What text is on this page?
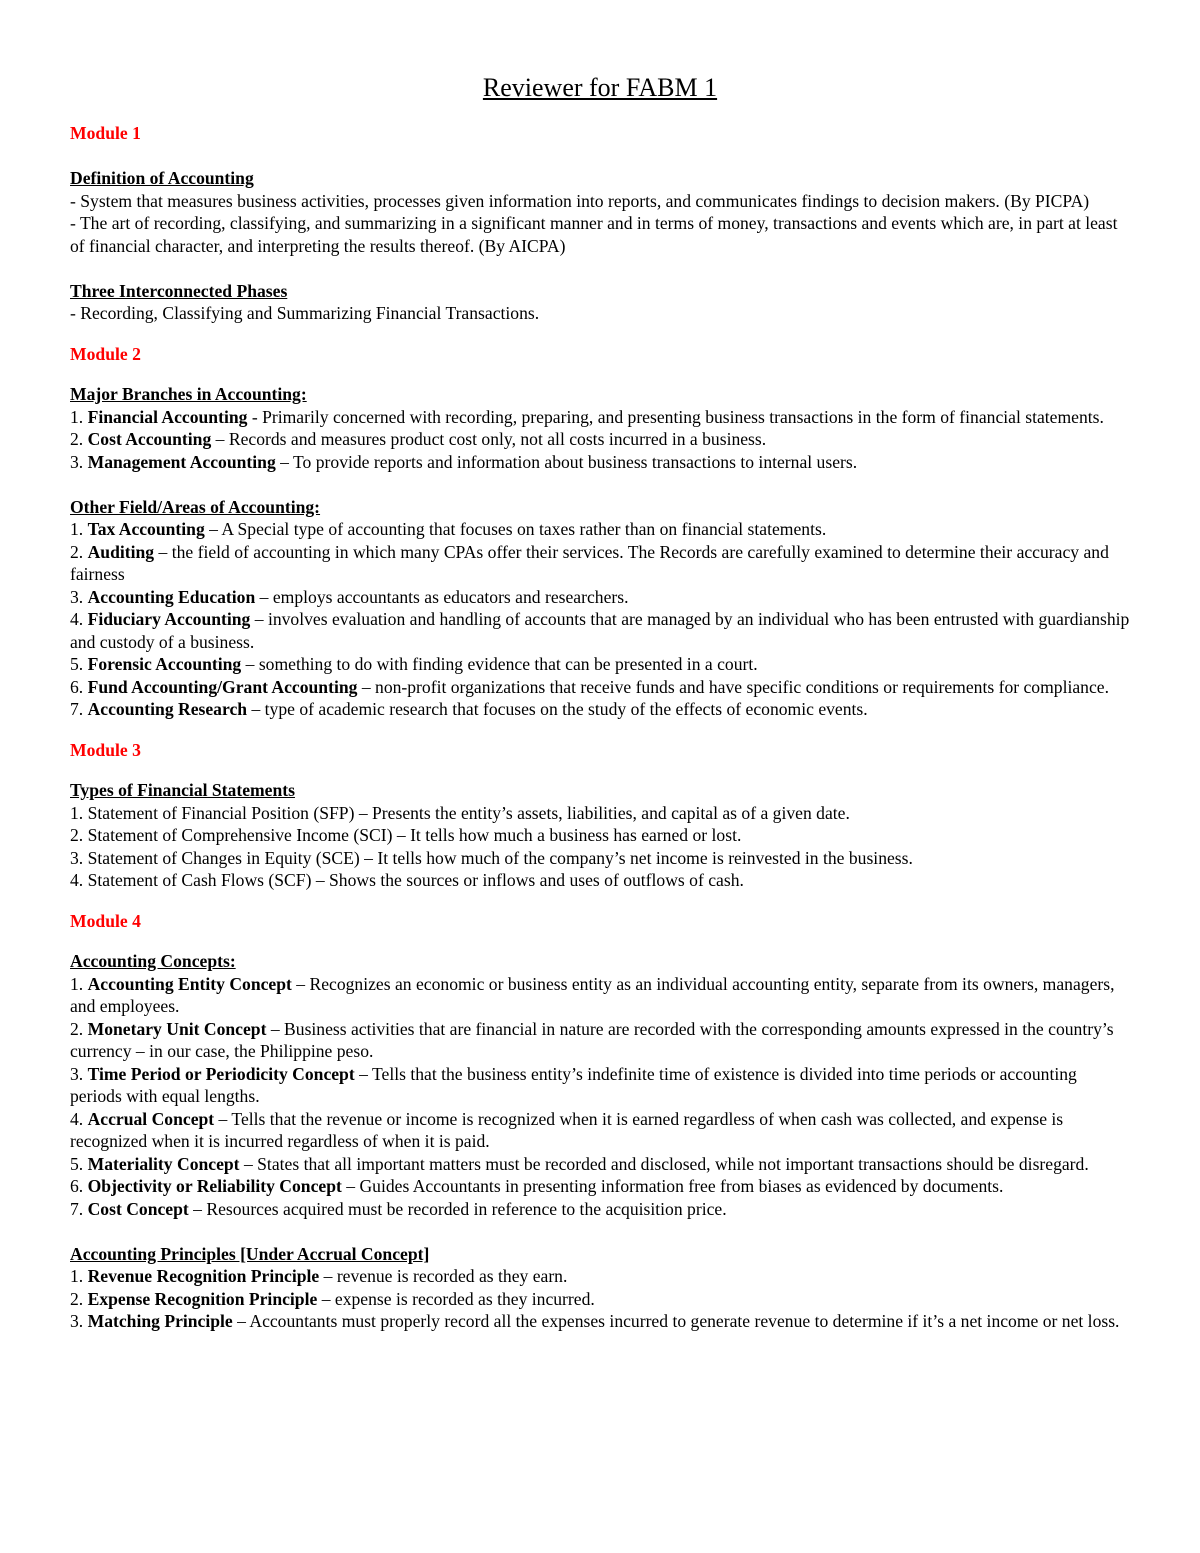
Reviewer for FABM 1

Module 1

Definition of Accounting

- System that measures business activities, processes given information into reports, and communicates findings to decision makers. (By PICPA)

- The art of recording, classifying, and summarizing in a significant manner and in terms of money, transactions and events which are, in part at least of financial character, and interpreting the results thereof. (By AICPA)

Three Interconnected Phases

- Recording, Classifying and Summarizing Financial Transactions.

Module 2

Major Branches in Accounting:

1. Financial Accounting - Primarily concerned with recording, preparing, and presenting business transactions in the form of financial statements.
2. Cost Accounting – Records and measures product cost only, not all costs incurred in a business.
3. Management Accounting – To provide reports and information about business transactions to internal users.

Other Field/Areas of Accounting:

1. Tax Accounting – A Special type of accounting that focuses on taxes rather than on financial statements.
2. Auditing – the field of accounting in which many CPAs offer their services. The Records are carefully examined to determine their accuracy and fairness
3. Accounting Education – employs accountants as educators and researchers.
4. Fiduciary Accounting – involves evaluation and handling of accounts that are managed by an individual who has been entrusted with guardianship and custody of a business.
5. Forensic Accounting – something to do with finding evidence that can be presented in a court.
6. Fund Accounting/Grant Accounting – non-profit organizations that receive funds and have specific conditions or requirements for compliance.
7. Accounting Research – type of academic research that focuses on the study of the effects of economic events.

Module 3

Types of Financial Statements

1. Statement of Financial Position (SFP) – Presents the entity’s assets, liabilities, and capital as of a given date.

2. Statement of Comprehensive Income (SCI) – It tells how much a business has earned or lost.

3. Statement of Changes in Equity (SCE) – It tells how much of the company’s net income is reinvested in the business.

4. Statement of Cash Flows (SCF) – Shows the sources or inflows and uses of outflows of cash.

Module 4

Accounting Concepts:

1. Accounting Entity Concept – Recognizes an economic or business entity as an individual accounting entity, separate from its owners, managers, and employees.
2. Monetary Unit Concept – Business activities that are financial in nature are recorded with the corresponding amounts expressed in the country’s currency – in our case, the Philippine peso.
3. Time Period or Periodicity Concept – Tells that the business entity’s indefinite time of existence is divided into time periods or accounting periods with equal lengths.
4. Accrual Concept – Tells that the revenue or income is recognized when it is earned regardless of when cash was collected, and expense is recognized when it is incurred regardless of when it is paid.
5. Materiality Concept – States that all important matters must be recorded and disclosed, while not important transactions should be disregard.
6. Objectivity or Reliability Concept – Guides Accountants in presenting information free from biases as evidenced by documents.
7. Cost Concept – Resources acquired must be recorded in reference to the acquisition price.

Accounting Principles [Under Accrual Concept]

1. Revenue Recognition Principle – revenue is recorded as they earn.
2. Expense Recognition Principle – expense is recorded as they incurred.
3. Matching Principle – Accountants must properly record all the expenses incurred to generate revenue to determine if it’s a net income or net loss.
